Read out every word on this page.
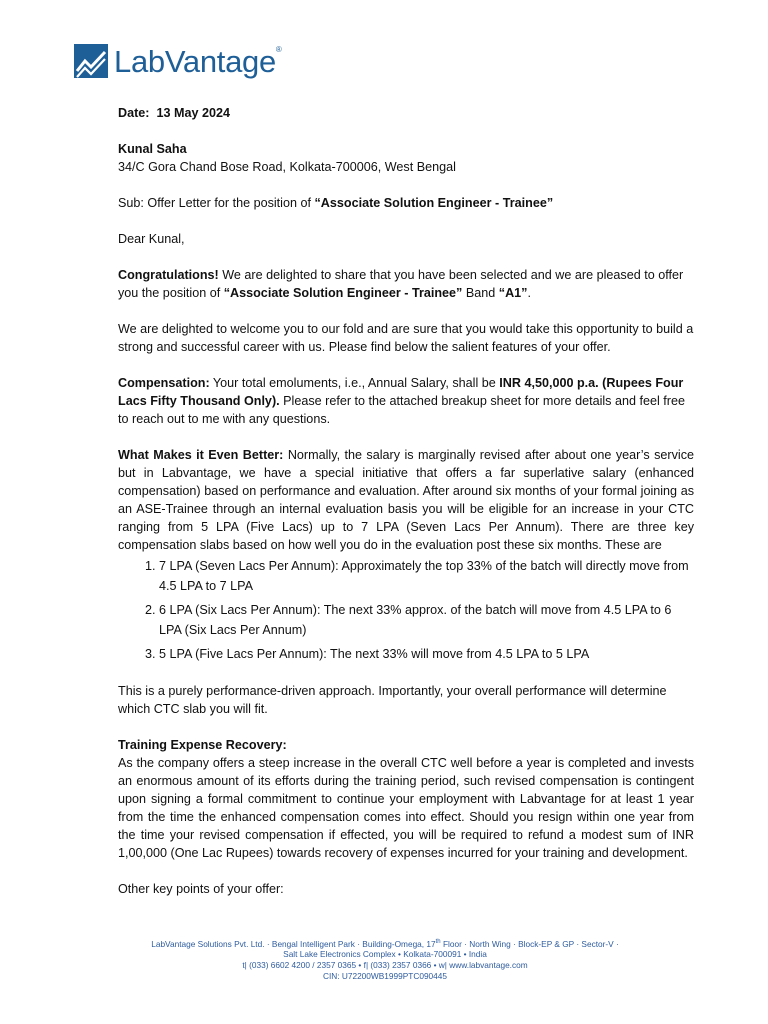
LabVantage®

Date: 13 May 2024

Kunal Saha
34/C Gora Chand Bose Road, Kolkata-700006, West Bengal

Sub: Offer Letter for the position of “Associate Solution Engineer - Trainee”

Dear Kunal,

Congratulations! We are delighted to share that you have been selected and we are pleased to offer you the position of “Associate Solution Engineer - Trainee” Band “A1”.

We are delighted to welcome you to our fold and are sure that you would take this opportunity to build a strong and successful career with us. Please find below the salient features of your offer.

Compensation: Your total emoluments, i.e., Annual Salary, shall be INR 4,50,000 p.a. (Rupees Four Lacs Fifty Thousand Only). Please refer to the attached breakup sheet for more details and feel free to reach out to me with any questions.

What Makes it Even Better: Normally, the salary is marginally revised after about one year’s service but in Labvantage, we have a special initiative that offers a far superlative salary (enhanced compensation) based on performance and evaluation. After around six months of your formal joining as an ASE-Trainee through an internal evaluation basis you will be eligible for an increase in your CTC ranging from 5 LPA (Five Lacs) up to 7 LPA (Seven Lacs Per Annum). There are three key compensation slabs based on how well you do in the evaluation post these six months. These are

1. 7 LPA (Seven Lacs Per Annum): Approximately the top 33% of the batch will directly move from 4.5 LPA to 7 LPA
2. 6 LPA (Six Lacs Per Annum): The next 33% approx. of the batch will move from 4.5 LPA to 6 LPA (Six Lacs Per Annum)
3. 5 LPA (Five Lacs Per Annum): The next 33% will move from 4.5 LPA to 5 LPA

This is a purely performance-driven approach. Importantly, your overall performance will determine which CTC slab you will fit.

Training Expense Recovery:
As the company offers a steep increase in the overall CTC well before a year is completed and invests an enormous amount of its efforts during the training period, such revised compensation is contingent upon signing a formal commitment to continue your employment with Labvantage for at least 1 year from the time the enhanced compensation comes into effect. Should you resign within one year from the time your revised compensation if effected, you will be required to refund a modest sum of INR 1,00,000 (One Lac Rupees) towards recovery of expenses incurred for your training and development.

Other key points of your offer:

LabVantage Solutions Pvt. Ltd. · Bengal Intelligent Park · Building-Omega, 17th Floor · North Wing · Block-EP & GP · Sector-V ·
Salt Lake Electronics Complex • Kolkata-700091 • India
t| (033) 6602 4200 / 2357 0365 • f| (033) 2357 0366 • w| www.labvantage.com
CIN: U72200WB1999PTC090445
